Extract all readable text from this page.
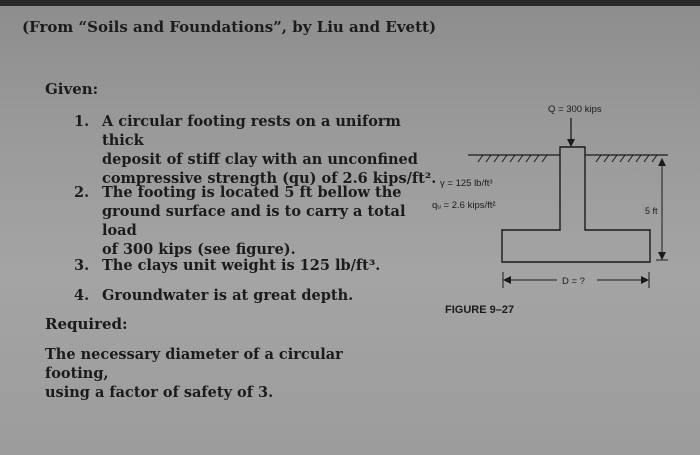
(From “Soils and Foundations”, by Liu and Evett)
Given:
1. A circular footing rests on a uniform thick
deposit of stiff clay with an unconfined
compressive strength (qu) of 2.6 kips/ft².
2. The footing is located 5 ft bellow the
ground surface and is to carry a total load
of 300 kips (see figure).
3. The clays unit weight is 125 lb/ft³.
4. Groundwater is at great depth.
Required:
The necessary diameter of a circular footing,
using a factor of safety of 3.
Q = 300 kips
γ = 125 lb/ft³
qᵤ = 2.6 kips/ft²	5 ft
D = ?
FIGURE 9–27
